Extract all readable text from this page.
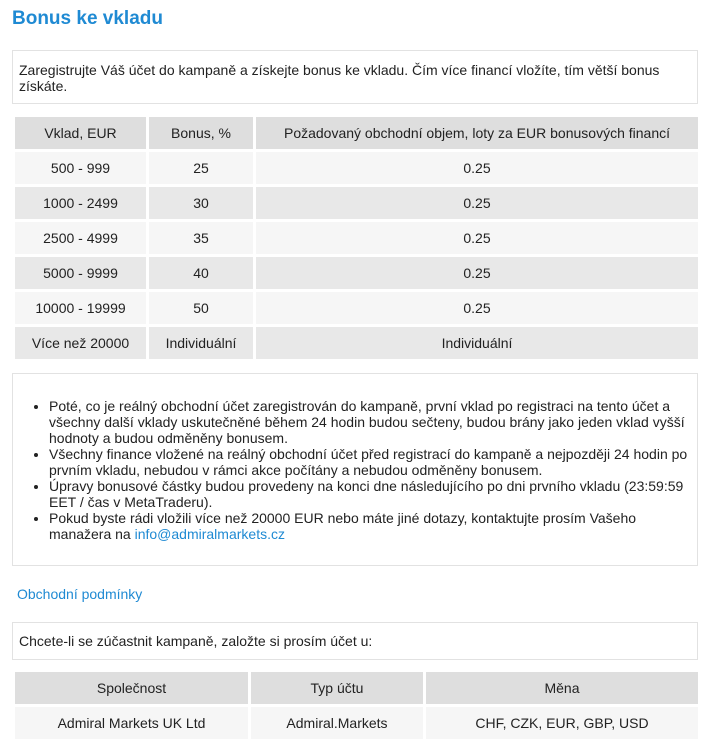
Bonus ke vkladu
Zaregistrujte Váš účet do kampaně a získejte bonus ke vkladu. Čím více financí vložíte, tím větší bonus získáte.
Vklad, EUR	Bonus, %	Požadovaný obchodní objem, loty za EUR bonusových financí
500 - 999	25	0.25
1000 - 2499	30	0.25
2500 - 4999	35	0.25
5000 - 9999	40	0.25
10000 - 19999	50	0.25
Více než 20000	Individuální	Individuální
• Poté, co je reálný obchodní účet zaregistrován do kampaně, první vklad po registraci na tento účet a všechny další vklady uskutečněné během 24 hodin budou sečteny, budou brány jako jeden vklad vyšší hodnoty a budou odměněny bonusem.
• Všechny finance vložené na reálný obchodní účet před registrací do kampaně a nejpozději 24 hodin po prvním vkladu, nebudou v rámci akce počítány a nebudou odměněny bonusem.
• Úpravy bonusové částky budou provedeny na konci dne následujícího po dni prvního vkladu (23:59:59 EET / čas v MetaTraderu).
• Pokud byste rádi vložili více než 20000 EUR nebo máte jiné dotazy, kontaktujte prosím Vašeho manažera na info@admiralmarkets.cz
Obchodní podmínky
Chcete-li se zúčastnit kampaně, založte si prosím účet u:
Společnost	Typ účtu	Měna
Admiral Markets UK Ltd	Admiral.Markets	CHF, CZK, EUR, GBP, USD
